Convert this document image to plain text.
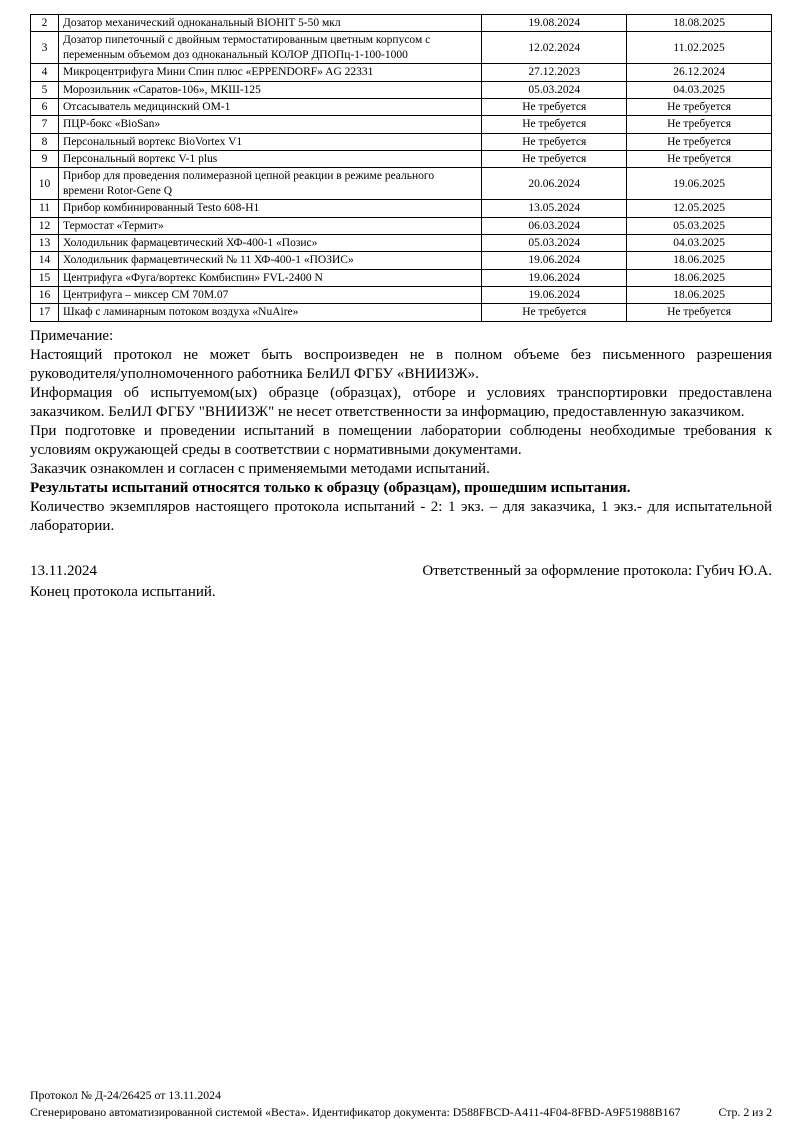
2	Дозатор механический одноканальный BIOHIT 5-50 мкл	19.08.2024	18.08.2025
3	Дозатор пипеточный с двойным термостатированным цветным корпусом с переменным объемом доз одноканальный КОЛОР ДПОПц-1-100-1000	12.02.2024	11.02.2025
4	Микроцентрифуга Мини Спин плюс «EPPENDORF» AG 22331	27.12.2023	26.12.2024
5	Морозильник «Саратов-106», МКШ-125	05.03.2024	04.03.2025
6	Отсасыватель медицинский ОМ-1	Не требуется	Не требуется
7	ПЦР-бокс «BioSan»	Не требуется	Не требуется
8	Персональный вортекс BioVortex V1	Не требуется	Не требуется
9	Персональный вортекс V-1 plus	Не требуется	Не требуется
10	Прибор для проведения полимеразной цепной реакции в режиме реального времени Rotor-Gene Q	20.06.2024	19.06.2025
11	Прибор комбинированный Testo 608-H1	13.05.2024	12.05.2025
12	Термостат «Термит»	06.03.2024	05.03.2025
13	Холодильник фармацевтический ХФ-400-1 «Позис»	05.03.2024	04.03.2025
14	Холодильник фармацевтический № 11 ХФ-400-1 «ПОЗИС»	19.06.2024	18.06.2025
15	Центрифуга «Фуга/вортекс Комбиспин» FVL-2400 N	19.06.2024	18.06.2025
16	Центрифуга – миксер СМ 70М.07	19.06.2024	18.06.2025
17	Шкаф с ламинарным потоком воздуха «NuAire»	Не требуется	Не требуется
Примечание:
Настоящий протокол не может быть воспроизведен не в полном объеме без письменного разрешения руководителя/уполномоченного работника БелИЛ ФГБУ «ВНИИЗЖ».
Информация об испытуемом(ых) образце (образцах), отборе и условиях транспортировки предоставлена заказчиком. БелИЛ ФГБУ "ВНИИЗЖ" не несет ответственности за информацию, предоставленную заказчиком.
При подготовке и проведении испытаний в помещении лаборатории соблюдены необходимые требования к условиям окружающей среды в соответствии с нормативными документами.
Заказчик ознакомлен и согласен с применяемыми методами испытаний.
Результаты испытаний относятся только к образцу (образцам), прошедшим испытания.
Количество экземпляров настоящего протокола испытаний - 2: 1 экз. – для заказчика, 1 экз.- для испытательной лаборатории.
13.11.2024	Ответственный за оформление протокола: Губич Ю.А.
Конец протокола испытаний.
Протокол № Д-24/26425 от 13.11.2024
Сгенерировано автоматизированной системой «Веста». Идентификатор документа: D588FBCD-A411-4F04-8FBD-A9F51988B167	Стр. 2 из 2
